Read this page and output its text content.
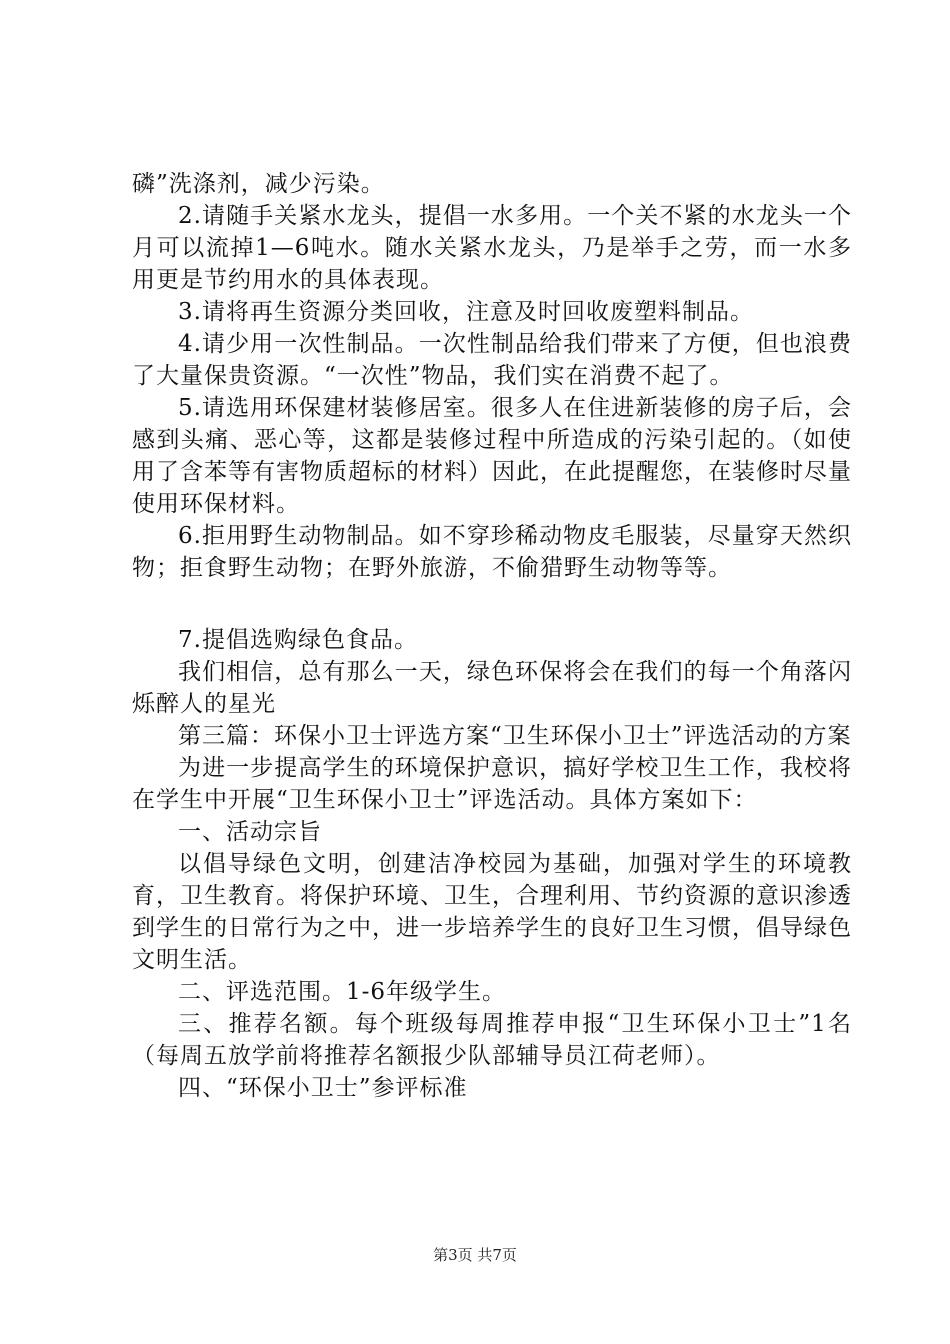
磷”洗涤剂，减少污染。

2.请随手关紧水龙头，提倡一水多用。一个关不紧的水龙头一个月可以流掉1—6吨水。随水关紧水龙头，乃是举手之劳，而一水多用更是节约用水的具体表现。

3.请将再生资源分类回收，注意及时回收废塑料制品。

4.请少用一次性制品。一次性制品给我们带来了方便，但也浪费了大量保贵资源。“一次性”物品，我们实在消费不起了。

5.请选用环保建材装修居室。很多人在住进新装修的房子后，会感到头痛、恶心等，这都是装修过程中所造成的污染引起的。（如使用了含苯等有害物质超标的材料）因此，在此提醒您，在装修时尽量使用环保材料。

6.拒用野生动物制品。如不穿珍稀动物皮毛服装，尽量穿天然织物；拒食野生动物；在野外旅游，不偷猎野生动物等等。

7.提倡选购绿色食品。

我们相信，总有那么一天，绿色环保将会在我们的每一个角落闪烁醉人的星光

第三篇：环保小卫士评选方案“卫生环保小卫士”评选活动的方案

为进一步提高学生的环境保护意识，搞好学校卫生工作，我校将在学生中开展“卫生环保小卫士”评选活动。具体方案如下：

一、活动宗旨

以倡导绿色文明，创建洁净校园为基础，加强对学生的环境教育，卫生教育。将保护环境、卫生，合理利用、节约资源的意识渗透到学生的日常行为之中，进一步培养学生的良好卫生习惯，倡导绿色文明生活。

二、评选范围。1-6年级学生。

三、推荐名额。每个班级每周推荐申报“卫生环保小卫士”1名（每周五放学前将推荐名额报少队部辅导员江荷老师）。

四、“环保小卫士”参评标准

第3页 共7页
